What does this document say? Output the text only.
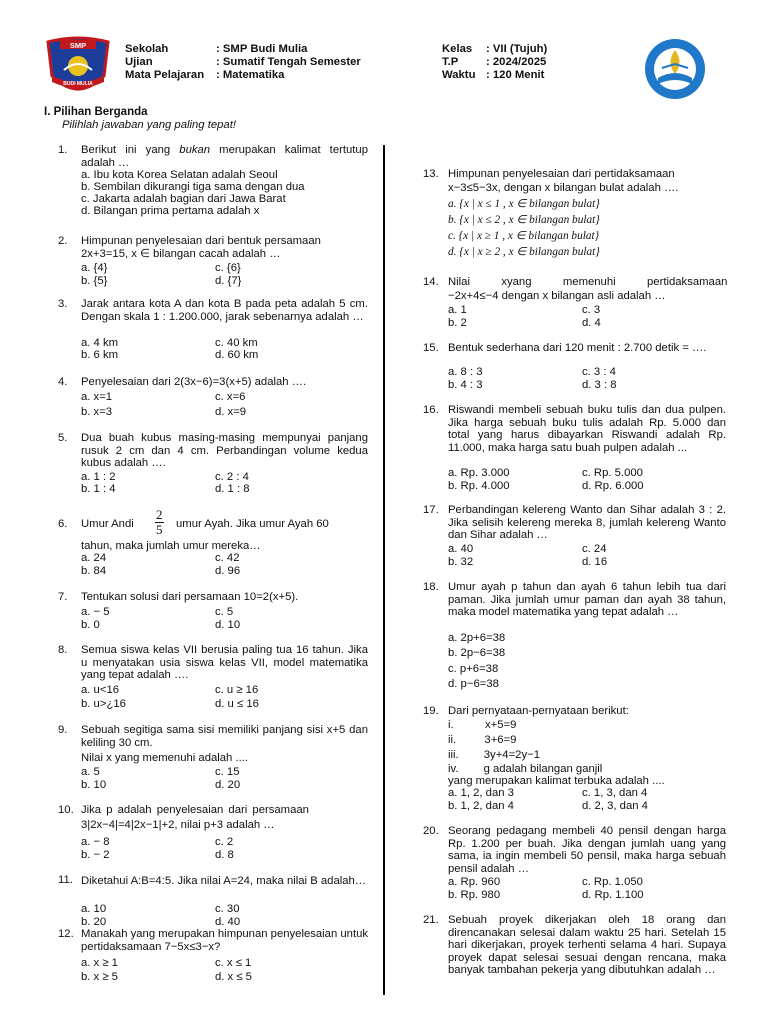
SMP
BUDI MULIA
Sekolah	: SMP Budi Mulia
Ujian	: Sumatif Tengah Semester
Mata Pelajaran : Matematika
Kelas : VII (Tujuh)
T.P : 2024/2025
Waktu : 120 Menit
I. Pilihan Berganda
Pilihlah jawaban yang paling tepat!
1. Berikut ini yang bukan merupakan kalimat tertutup adalah …
a. Ibu kota Korea Selatan adalah Seoul
b. Sembilan dikurangi tiga sama dengan dua
c. Jakarta adalah bagian dari Jawa Barat
d. Bilangan prima pertama adalah x
2. Himpunan penyelesaian dari bentuk persamaan
2x+3=15, x ∈ bilangan cacah adalah …
a. {4}	c. {6}
b. {5}	d. {7}
3. Jarak antara kota A dan kota B pada peta adalah 5 cm. Dengan skala 1 : 1.200.000, jarak sebenarnya adalah …
a. 4 km	c. 40 km
b. 6 km	d. 60 km
4. Penyelesaian dari 2(3x−6)=3(x+5) adalah ….
a. x=1	c. x=6
b. x=3	d. x=9
5. Dua buah kubus masing-masing mempunyai panjang rusuk 2 cm dan 4 cm. Perbandingan volume kedua kubus adalah ….
a. 1 : 2	c. 2 : 4
b. 1 : 4	d. 1 : 8
6. Umur Andi $\frac{2}{5}$ umur Ayah. Jika umur Ayah 60
tahun, maka jumlah umur mereka…
a. 24	c. 42
b. 84	d. 96
7. Tentukan solusi dari persamaan 10=2(x+5).
a. − 5	c. 5
b. 0	d. 10
8. Semua siswa kelas VII berusia paling tua 16 tahun. Jika u menyatakan usia siswa kelas VII, model matematika yang tepat adalah ….
a. u<16	c. u ≥ 16
b. u>¿16	d. u ≤ 16
9. Sebuah segitiga sama sisi memiliki panjang sisi x+5 dan keliling 30 cm.
Nilai x yang memenuhi adalah ....
a. 5	c. 15
b. 10	d. 20
10. Jika p adalah penyelesaian dari persamaan
3|2x−4|=4|2x−1|+2, nilai p+3 adalah …
a. − 8	c. 2
b. − 2	d. 8
11. Diketahui A:B=4:5. Jika nilai A=24, maka nilai B adalah…
a. 10	c. 30
b. 20	d. 40
12. Manakah yang merupakan himpunan penyelesaian untuk pertidaksamaan 7−5x≤3−x?
a. x ≥ 1	c. x ≤ 1
b. x ≥ 5	d. x ≤ 5
13. Himpunan penyelesaian dari pertidaksamaan
x−3≤5−3x, dengan x bilangan bulat adalah ….
a. {x | x ≤ 1 , x ∈ bilangan bulat}
b. {x | x ≤ 2 , x ∈ bilangan bulat}
c. {x | x ≥ 1 , x ∈ bilangan bulat}
d. {x | x ≥ 2 , x ∈ bilangan bulat}
14. Nilai          xyang          memenuhi          pertidaksamaan
−2x+4≤−4 dengan x bilangan asli adalah …
a. 1	c. 3
b. 2	d. 4
15. Bentuk sederhana dari 120 menit : 2.700 detik = ….
a. 8 : 3	c. 3 : 4
b. 4 : 3	d. 3 : 8
16. Riswandi membeli sebuah buku tulis dan dua pulpen. Jika harga sebuah buku tulis adalah Rp. 5.000 dan total yang harus dibayarkan Riswandi adalah Rp. 11.000, maka harga satu buah pulpen adalah ...
a. Rp. 3.000	c. Rp. 5.000
b. Rp. 4.000	d. Rp. 6.000
17. Perbandingan kelereng Wanto dan Sihar adalah 3 : 2. Jika selisih kelereng mereka 8, jumlah kelereng Wanto dan Sihar adalah …
a. 40	c. 24
b. 32	d. 16
18. Umur ayah p tahun dan ayah 6 tahun lebih tua dari paman. Jika jumlah umur paman dan ayah 38 tahun, maka model matematika yang tepat adalah …
a. 2p+6=38
b. 2p−6=38
c. p+6=38
d. p−6=38
19. Dari pernyataan-pernyataan berikut:
i.          x+5=9
ii.         3+6=9
iii.        3y+4=2y−1
iv.        g adalah bilangan ganjil
yang merupakan kalimat terbuka adalah ....
a. 1, 2, dan 3	c. 1, 3, dan 4
b. 1, 2, dan 4	d. 2, 3, dan 4
20. Seorang pedagang membeli 40 pensil dengan harga Rp. 1.200 per buah. Jika dengan jumlah uang yang sama, ia ingin membeli 50 pensil, maka harga sebuah pensil adalah …
a. Rp. 960	c. Rp. 1.050
b. Rp. 980	d. Rp. 1.100
21. Sebuah proyek dikerjakan oleh 18 orang dan direncanakan selesai dalam waktu 25 hari. Setelah 15 hari dikerjakan, proyek terhenti selama 4 hari. Supaya proyek dapat selesai sesuai dengan rencana, maka banyak tambahan pekerja yang dibutuhkan adalah …
